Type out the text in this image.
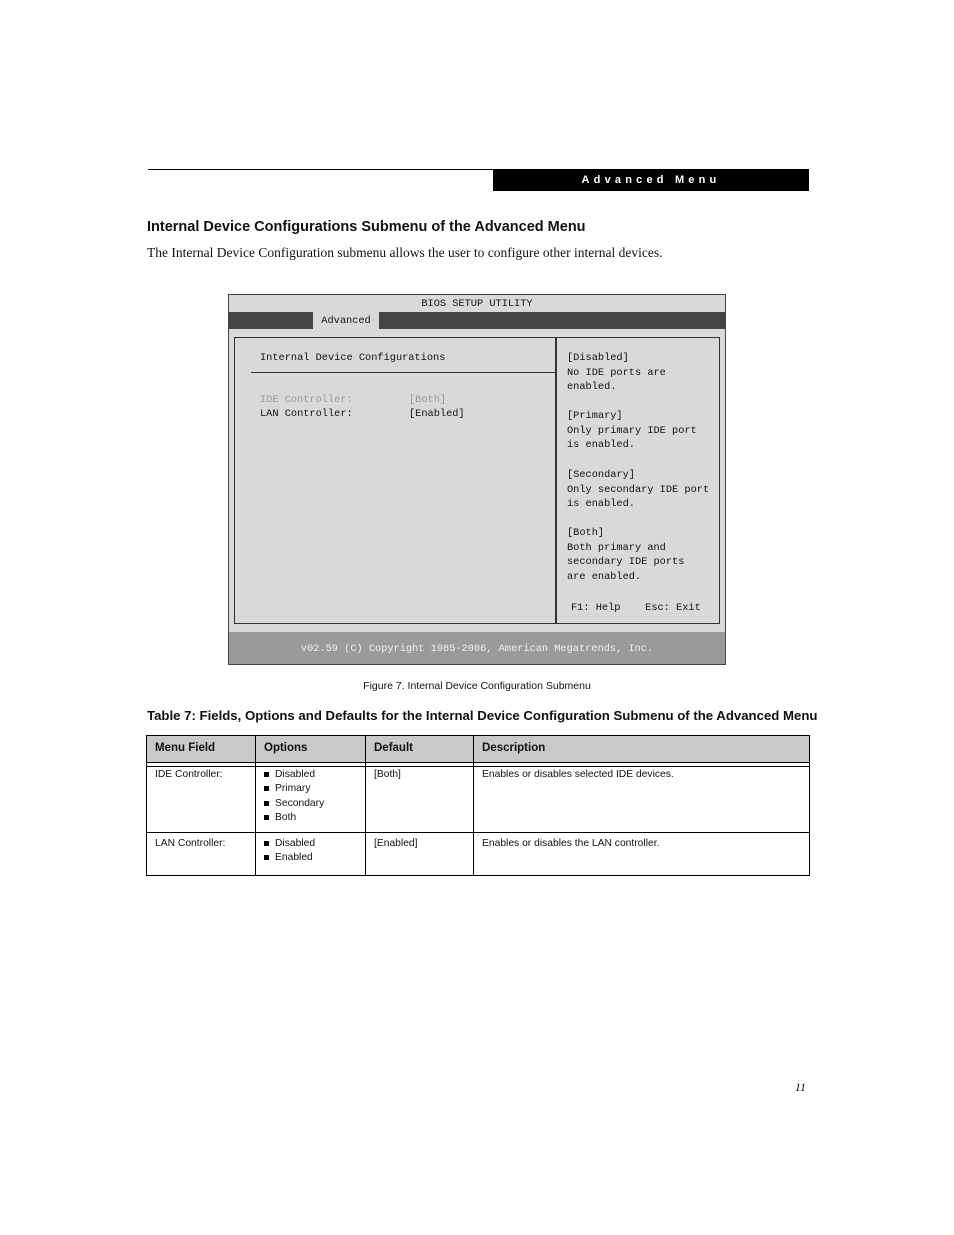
Advanced Menu
Internal Device Configurations Submenu of the Advanced Menu

The Internal Device Configuration submenu allows the user to configure other internal devices.

BIOS SETUP UTILITY
Advanced
Internal Device Configurations
IDE Controller:	[Both]
LAN Controller:	[Enabled]
[Disabled]
No IDE ports are
enabled.
[Primary]
Only primary IDE port
is enabled.
[Secondary]
Only secondary IDE port
is enabled.
[Both]
Both primary and
secondary IDE ports
are enabled.
F1: Help    Esc: Exit
v02.59 (C) Copyright 1985-2006, American Megatrends, Inc.
Figure 7. Internal Device Configuration Submenu
Table 7: Fields, Options and Defaults for the Internal Device Configuration Submenu of the Advanced Menu
Menu Field	Options	Default	Description
IDE Controller:	Disabled
Primary
Secondary
Both
[Both]	Enables or disables selected IDE devices.
LAN Controller:	Disabled
Enabled
[Enabled]	Enables or disables the LAN controller.
11
